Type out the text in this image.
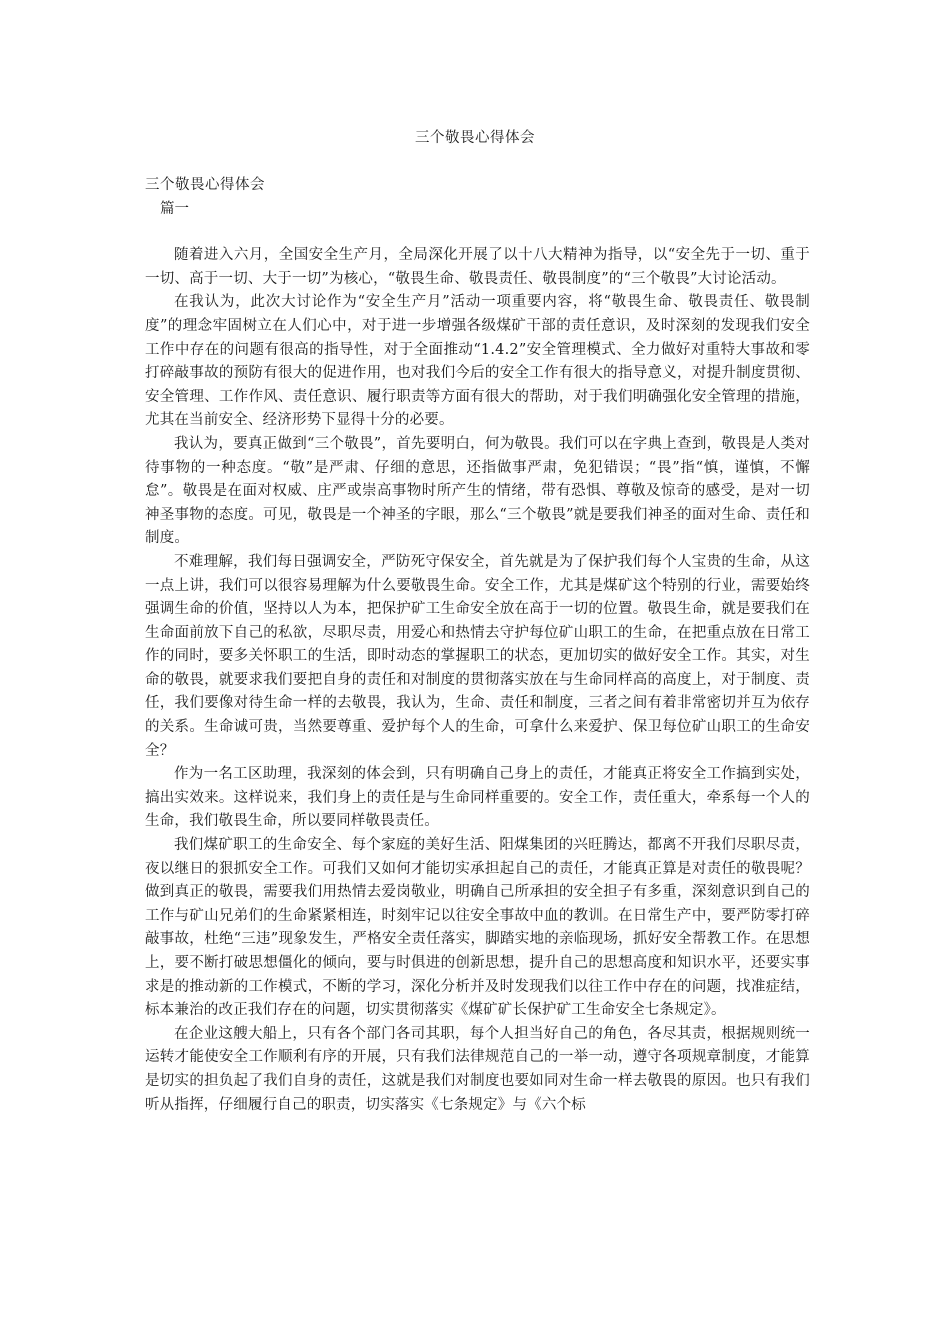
三个敬畏心得体会

三个敬畏心得体会

篇一

随着进入六月，全国安全生产月，全局深化开展了以十八大精神为指导，以“安全先于一切、重于一切、高于一切、大于一切”为核心，“敬畏生命、敬畏责任、敬畏制度”的“三个敬畏”大讨论活动。

在我认为，此次大讨论作为“安全生产月”活动一项重要内容，将“敬畏生命、敬畏责任、敬畏制度”的理念牢固树立在人们心中，对于进一步增强各级煤矿干部的责任意识，及时深刻的发现我们安全工作中存在的问题有很高的指导性，对于全面推动“1.4.2”安全管理模式、全力做好对重特大事故和零打碎敲事故的预防有很大的促进作用，也对我们今后的安全工作有很大的指导意义，对提升制度贯彻、安全管理、工作作风、责任意识、履行职责等方面有很大的帮助，对于我们明确强化安全管理的措施，尤其在当前安全、经济形势下显得十分的必要。

我认为，要真正做到“三个敬畏”，首先要明白，何为敬畏。我们可以在字典上查到，敬畏是人类对待事物的一种态度。“敬”是严肃、仔细的意思，还指做事严肃，免犯错误；“畏”指“慎，谨慎，不懈怠”。敬畏是在面对权威、庄严或崇高事物时所产生的情绪，带有恐惧、尊敬及惊奇的感受，是对一切神圣事物的态度。可见，敬畏是一个神圣的字眼，那么“三个敬畏”就是要我们神圣的面对生命、责任和制度。

不难理解，我们每日强调安全，严防死守保安全，首先就是为了保护我们每个人宝贵的生命，从这一点上讲，我们可以很容易理解为什么要敬畏生命。安全工作，尤其是煤矿这个特别的行业，需要始终强调生命的价值，坚持以人为本，把保护矿工生命安全放在高于一切的位置。敬畏生命，就是要我们在生命面前放下自己的私欲，尽职尽责，用爱心和热情去守护每位矿山职工的生命，在把重点放在日常工作的同时，要多关怀职工的生活，即时动态的掌握职工的状态，更加切实的做好安全工作。其实，对生命的敬畏，就要求我们要把自身的责任和对制度的贯彻落实放在与生命同样高的高度上，对于制度、责任，我们要像对待生命一样的去敬畏，我认为，生命、责任和制度，三者之间有着非常密切并互为依存的关系。生命诚可贵，当然要尊重、爱护每个人的生命，可拿什么来爱护、保卫每位矿山职工的生命安全？

作为一名工区助理，我深刻的体会到，只有明确自己身上的责任，才能真正将安全工作搞到实处，搞出实效来。这样说来，我们身上的责任是与生命同样重要的。安全工作，责任重大，牵系每一个人的生命，我们敬畏生命，所以要同样敬畏责任。

我们煤矿职工的生命安全、每个家庭的美好生活、阳煤集团的兴旺腾达，都离不开我们尽职尽责，夜以继日的狠抓安全工作。可我们又如何才能切实承担起自己的责任，才能真正算是对责任的敬畏呢？做到真正的敬畏，需要我们用热情去爱岗敬业，明确自己所承担的安全担子有多重，深刻意识到自己的工作与矿山兄弟们的生命紧紧相连，时刻牢记以往安全事故中血的教训。在日常生产中，要严防零打碎敲事故，杜绝“三违”现象发生，严格安全责任落实，脚踏实地的亲临现场，抓好安全帮教工作。在思想上，要不断打破思想僵化的倾向，要与时俱进的创新思想，提升自己的思想高度和知识水平，还要实事求是的推动新的工作模式，不断的学习，深化分析并及时发现我们以往工作中存在的问题，找准症结，标本兼治的改正我们存在的问题，切实贯彻落实《煤矿矿长保护矿工生命安全七条规定》。

在企业这艘大船上，只有各个部门各司其职，每个人担当好自己的角色，各尽其责，根据规则统一运转才能使安全工作顺利有序的开展，只有我们法律规范自己的一举一动，遵守各项规章制度，才能算是切实的担负起了我们自身的责任，这就是我们对制度也要如同对生命一样去敬畏的原因。也只有我们听从指挥，仔细履行自己的职责，切实落实《七条规定》与《六个标
